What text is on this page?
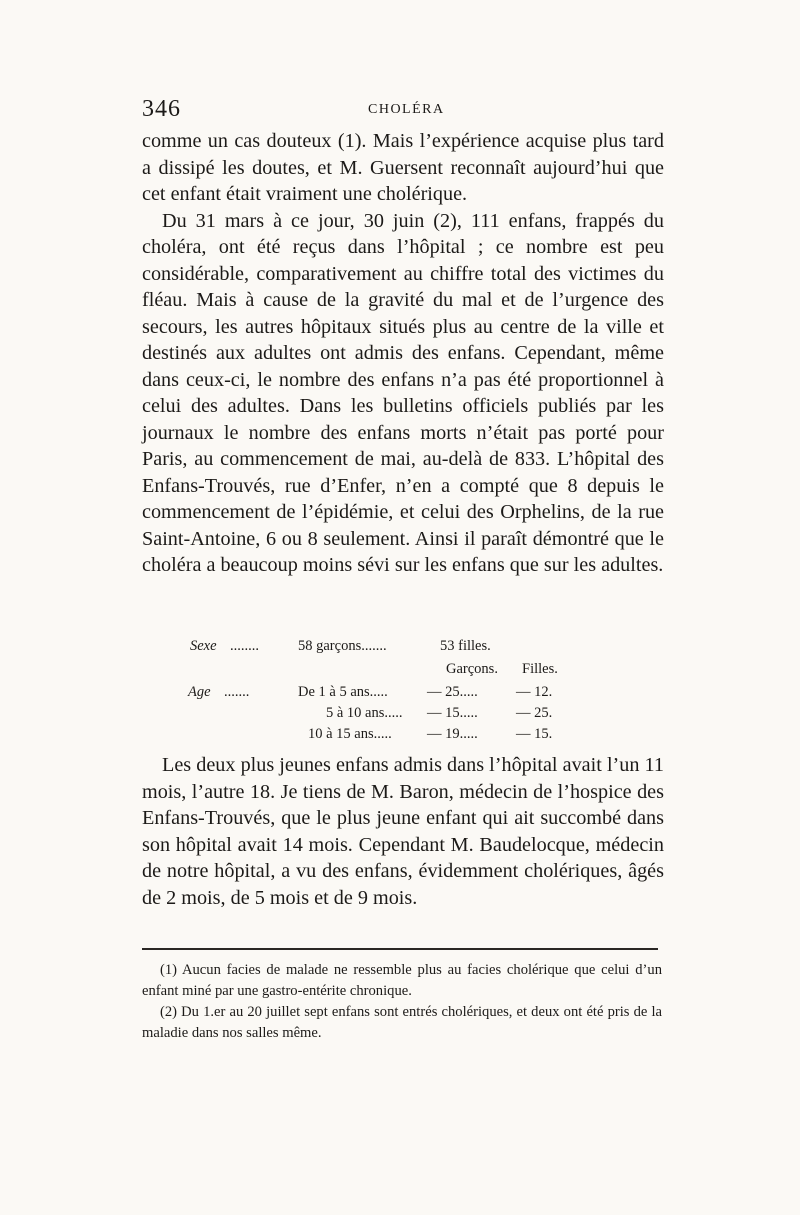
346	CHOLÉRA

comme un cas douteux (1). Mais l’expérience acquise plus tard a dissipé les doutes, et M. Guersent reconnaît aujourd’hui que cet enfant était vraiment une cholérique.

Du 31 mars à ce jour, 30 juin (2), 111 enfans, frappés du choléra, ont été reçus dans l’hôpital ; ce nombre est peu considérable, comparativement au chiffre total des victimes du fléau. Mais à cause de la gravité du mal et de l’urgence des secours, les autres hôpitaux situés plus au centre de la ville et destinés aux adultes ont admis des enfans. Cependant, même dans ceux-ci, le nombre des enfans n’a pas été proportionnel à celui des adultes. Dans les bulletins officiels publiés par les journaux le nombre des enfans morts n’était pas porté pour Paris, au commencement de mai, au-delà de 833. L’hôpital des Enfans-Trouvés, rue d’Enfer, n’en a compté que 8 depuis le commencement de l’épidémie, et celui des Orphelins, de la rue Saint-Antoine, 6 ou 8 seulement. Ainsi il paraît démontré que le choléra a beaucoup moins sévi sur les enfans que sur les adultes.

Sexe ........	58 garçons.......	53 filles.
Garçons. Filles.
Age .......	De 1 à 5 ans.....	— 25.....	— 12.
5 à 10 ans..... — 15.....	— 25.
10 à 15 ans..... — 19.....	— 15.

Les deux plus jeunes enfans admis dans l’hôpital avait l’un 11 mois, l’autre 18. Je tiens de M. Baron, médecin de l’hospice des Enfans-Trouvés, que le plus jeune enfant qui ait succombé dans son hôpital avait 14 mois. Cependant M. Baudelocque, médecin de notre hôpital, a vu des enfans, évidemment cholériques, âgés de 2 mois, de 5 mois et de 9 mois.

(1) Aucun facies de malade ne ressemble plus au facies cholérique que celui d’un enfant miné par une gastro-entérite chronique.

(2) Du 1.er au 20 juillet sept enfans sont entrés cholériques, et deux ont été pris de la maladie dans nos salles même.
